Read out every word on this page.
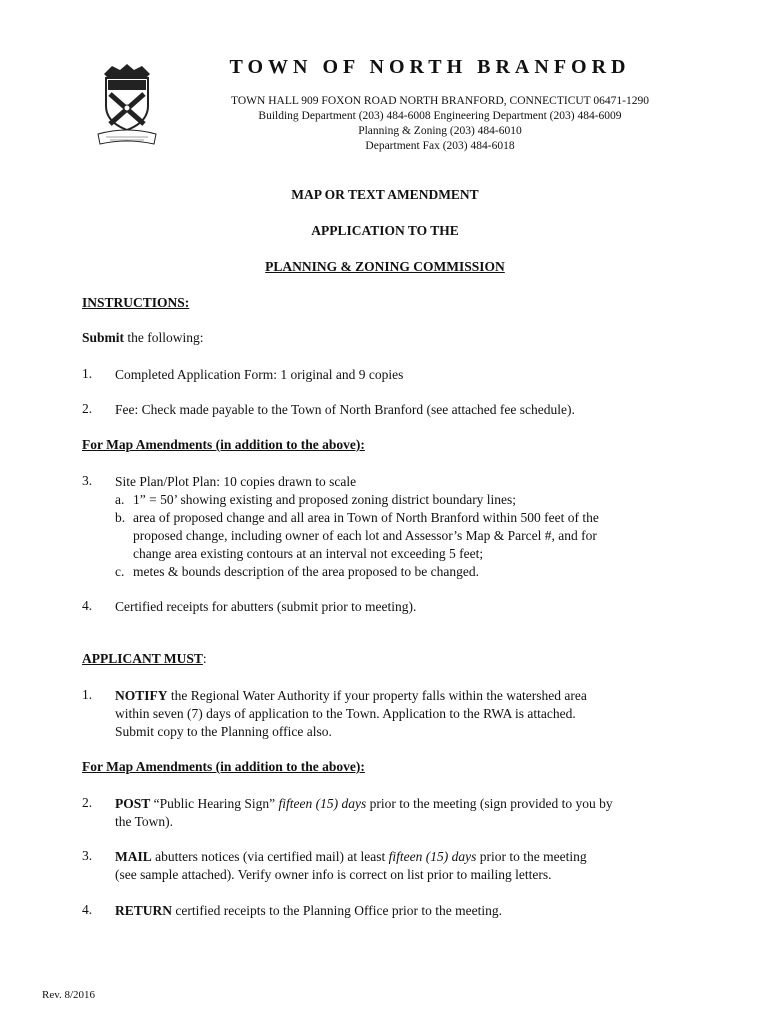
TOWN OF NORTH BRANFORD
TOWN HALL 909 FOXON ROAD NORTH BRANFORD, CONNECTICUT 06471-1290
Building Department (203) 484-6008 Engineering Department (203) 484-6009
Planning & Zoning (203) 484-6010
Department Fax (203) 484-6018
MAP OR TEXT AMENDMENT
APPLICATION TO THE
PLANNING & ZONING COMMISSION
INSTRUCTIONS:
Submit the following:
1. Completed Application Form: 1 original and 9 copies
2. Fee: Check made payable to the Town of North Branford (see attached fee schedule).
For Map Amendments (in addition to the above):
3. Site Plan/Plot Plan: 10 copies drawn to scale
a. 1” = 50’ showing existing and proposed zoning district boundary lines;
b. area of proposed change and all area in Town of North Branford within 500 feet of the
proposed change, including owner of each lot and Assessor’s Map & Parcel #, and for
change area existing contours at an interval not exceeding 5 feet;
c. metes & bounds description of the area proposed to be changed.
4. Certified receipts for abutters (submit prior to meeting).
APPLICANT MUST:
1. NOTIFY the Regional Water Authority if your property falls within the watershed area
within seven (7) days of application to the Town. Application to the RWA is attached.
Submit copy to the Planning office also.
For Map Amendments (in addition to the above):
2. POST “Public Hearing Sign” fifteen (15) days prior to the meeting (sign provided to you by
the Town).
3. MAIL abutters notices (via certified mail) at least fifteen (15) days prior to the meeting
(see sample attached). Verify owner info is correct on list prior to mailing letters.
4. RETURN certified receipts to the Planning Office prior to the meeting.
Rev. 8/2016
